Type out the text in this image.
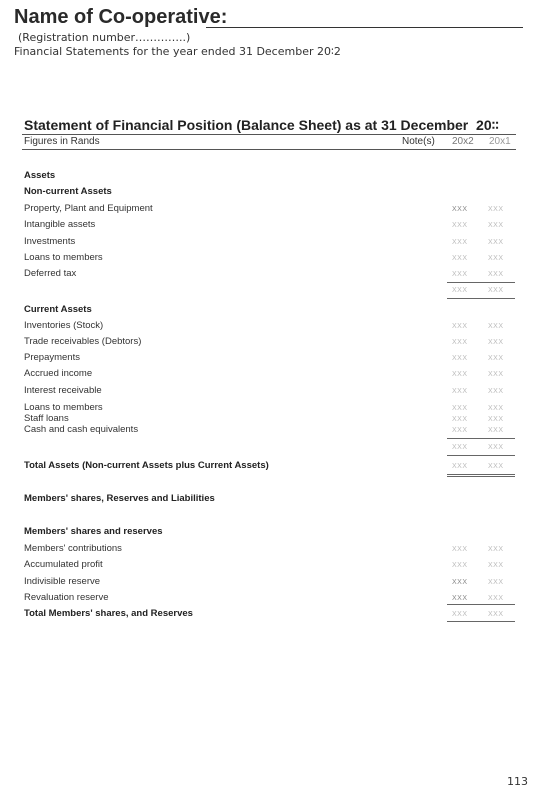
Name of Co-operative:
(Registration number…………..)
Financial Statements for the year ended 31 December 20∶2
Statement of Financial Position (Balance Sheet) as at 31 December 20∶∶
Figures in Rands	Note(s) 20x2 20x1
Assets
Non-current Assets
Property, Plant and Equipment	XXX	XXX
Intangible assets	XXX	XXX
Investments	XXX	XXX
Loans to members	XXX	XXX
Deferred tax	XXX	XXX
XXX	XXX
Current Assets
Inventories (Stock)	XXX	XXX
Trade receivables (Debtors)	XXX	XXX
Prepayments	XXX	XXX
Accrued income	XXX	XXX
Interest receivable	XXX	XXX
Loans to members	XXX	XXX
Staff loans	XXX	XXX
Cash and cash equivalents	XXX	XXX
XXX	XXX
Total Assets (Non-current Assets plus Current Assets)	XXX	XXX
Members' shares, Reserves and Liabilities
Members' shares and reserves
Members' contributions	XXX	XXX
Accumulated profit	XXX	XXX
Indivisible reserve	XXX	XXX
Revaluation reserve	XXX	XXX
Total Members' shares, and Reserves	XXX	XXX
113
